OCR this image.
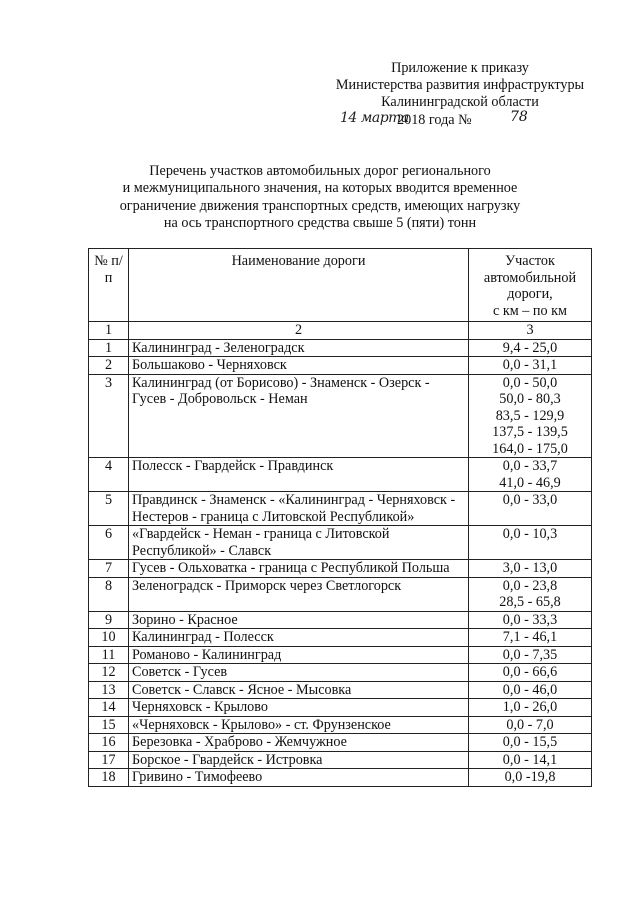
Приложение к приказу
Министерства развития инфраструктуры
Калининградской области
14 марта
2018 года №	78
Перечень участков автомобильных дорог регионального
и межмуниципального значения, на которых вводится временное
ограничение движения транспортных средств, имеющих нагрузку
на ось транспортного средства свыше 5 (пяти) тонн
№ п/п	Наименование дороги	Участок
автомобильной
дороги,
с км – по км

1	2	3
1	Калининград - Зеленоградск	9,4 - 25,0

2	Большаково - Черняховск	0,0 - 31,1

3	Калининград (от Борисово) - Знаменск - Озерск - Гусев - Добровольск - Неман	0,0 - 50,0
50,0 - 80,3
83,5 - 129,9
137,5 - 139,5
164,0 - 175,0

4	Полесск - Гвардейск - Правдинск	0,0 - 33,7
41,0 - 46,9

5	Правдинск - Знаменск - «Калининград - Черняховск - Нестеров - граница с Литовской Республикой»	0,0 - 33,0

6	«Гвардейск - Неман - граница с Литовской Республикой» - Славск	0,0 - 10,3

7	Гусев - Ольховатка - граница с Республикой Польша	3,0 - 13,0

8	Зеленоградск - Приморск через Светлогорск	0,0 - 23,8
28,5 - 65,8

9	Зорино - Красное	0,0 - 33,3

10	Калининград - Полесск	7,1 - 46,1

11	Романово - Калининград	0,0 - 7,35

12	Советск - Гусев	0,0 - 66,6

13	Советск - Славск - Ясное - Мысовка	0,0 - 46,0

14	Черняховск - Крылово	1,0 - 26,0

15	«Черняховск - Крылово» - ст. Фрунзенское	0,0 - 7,0

16	Березовка - Храброво - Жемчужное	0,0 - 15,5

17	Борское - Гвардейск - Истровка	0,0 - 14,1

18	Гривино - Тимофеево	0,0 -19,8
